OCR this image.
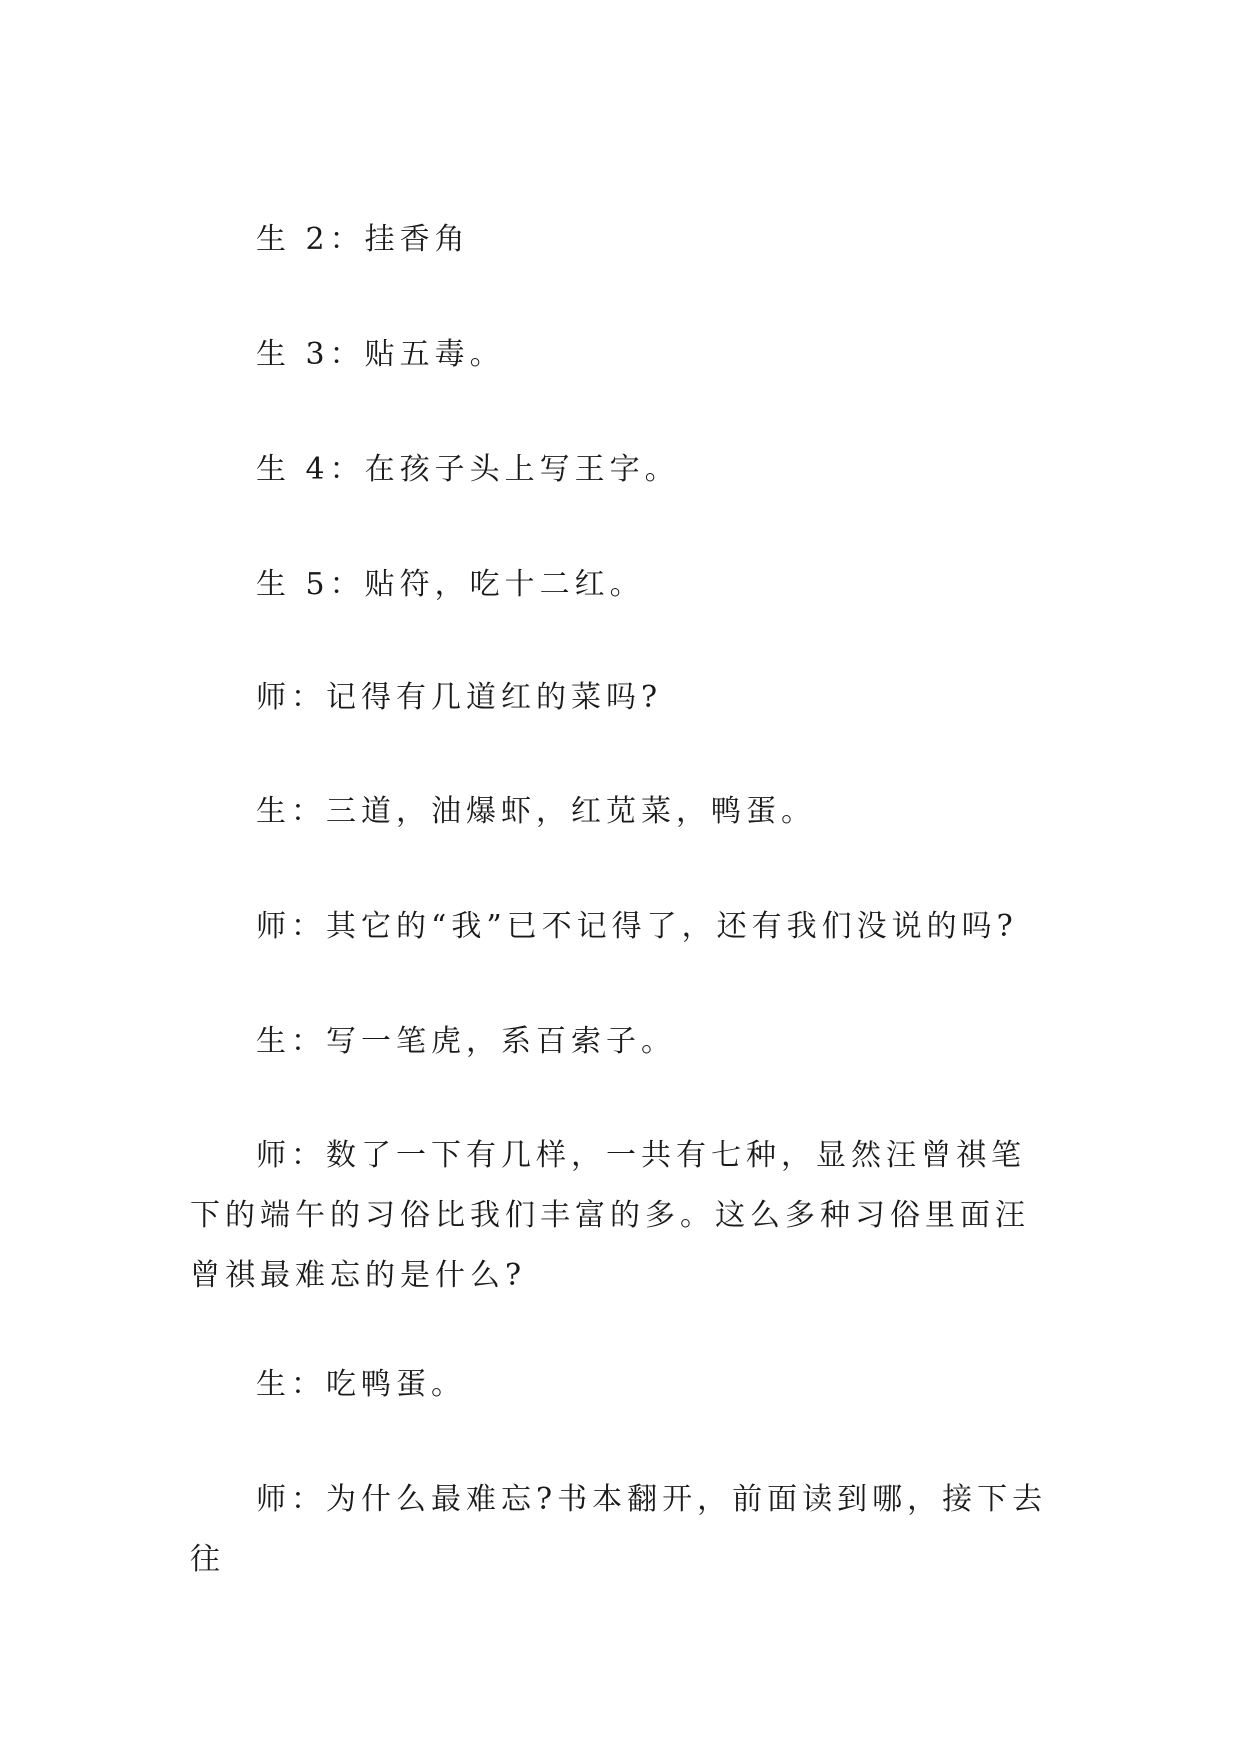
生 2：挂香角

生 3：贴五毒。

生 4：在孩子头上写王字。

生 5：贴符，吃十二红。

师：记得有几道红的菜吗?

生：三道，油爆虾，红苋菜，鸭蛋。

师：其它的“我”已不记得了，还有我们没说的吗?

生：写一笔虎，系百索子。

师：数了一下有几样，一共有七种，显然汪曾祺笔下的端午的习俗比我们丰富的多。这么多种习俗里面汪曾祺最难忘的是什么?

生：吃鸭蛋。

师：为什么最难忘?书本翻开，前面读到哪，接下去往
